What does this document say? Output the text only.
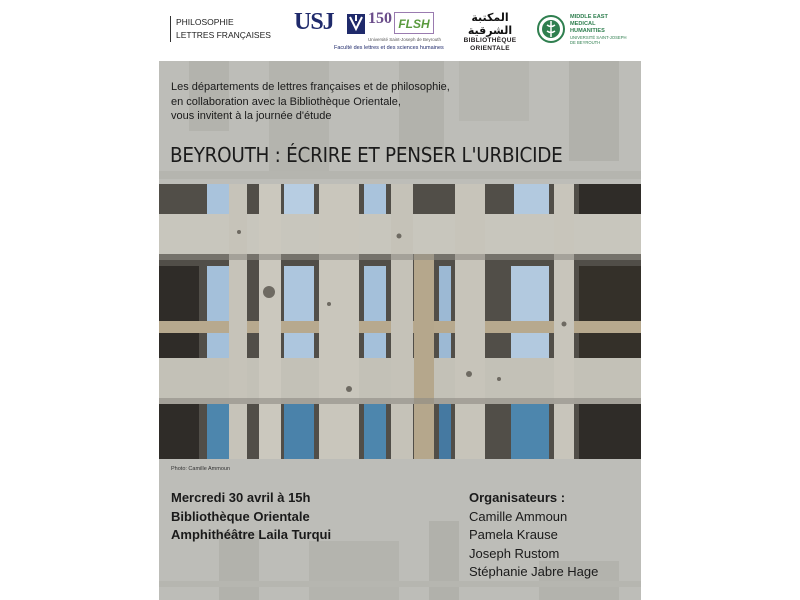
PHILOSOPHIE
LETTRES FRANÇAISES USJ 150 FLSH
Université Saint-Joseph de Beyrouth
Faculté des lettres et des sciences humaines
المكتبة الشرقية
BIBLIOTHÈQUE
ORIENTALE
MIDDLE EAST
MEDICAL
HUMANITIES
UNIVERSITÉ SAINT-JOSEPH
DE BEYROUTH
Les départements de lettres françaises et de philosophie,
en collaboration avec la Bibliothèque Orientale,
vous invitent à la journée d'étude
BEYROUTH : ÉCRIRE ET PENSER L'URBICIDE
Photo: Camille Ammoun
Mercredi 30 avril à 15h
Bibliothèque Orientale
Amphithéâtre Laila Turqui
Organisateurs :
Camille Ammoun
Pamela Krause
Joseph Rustom
Stéphanie Jabre Hage
